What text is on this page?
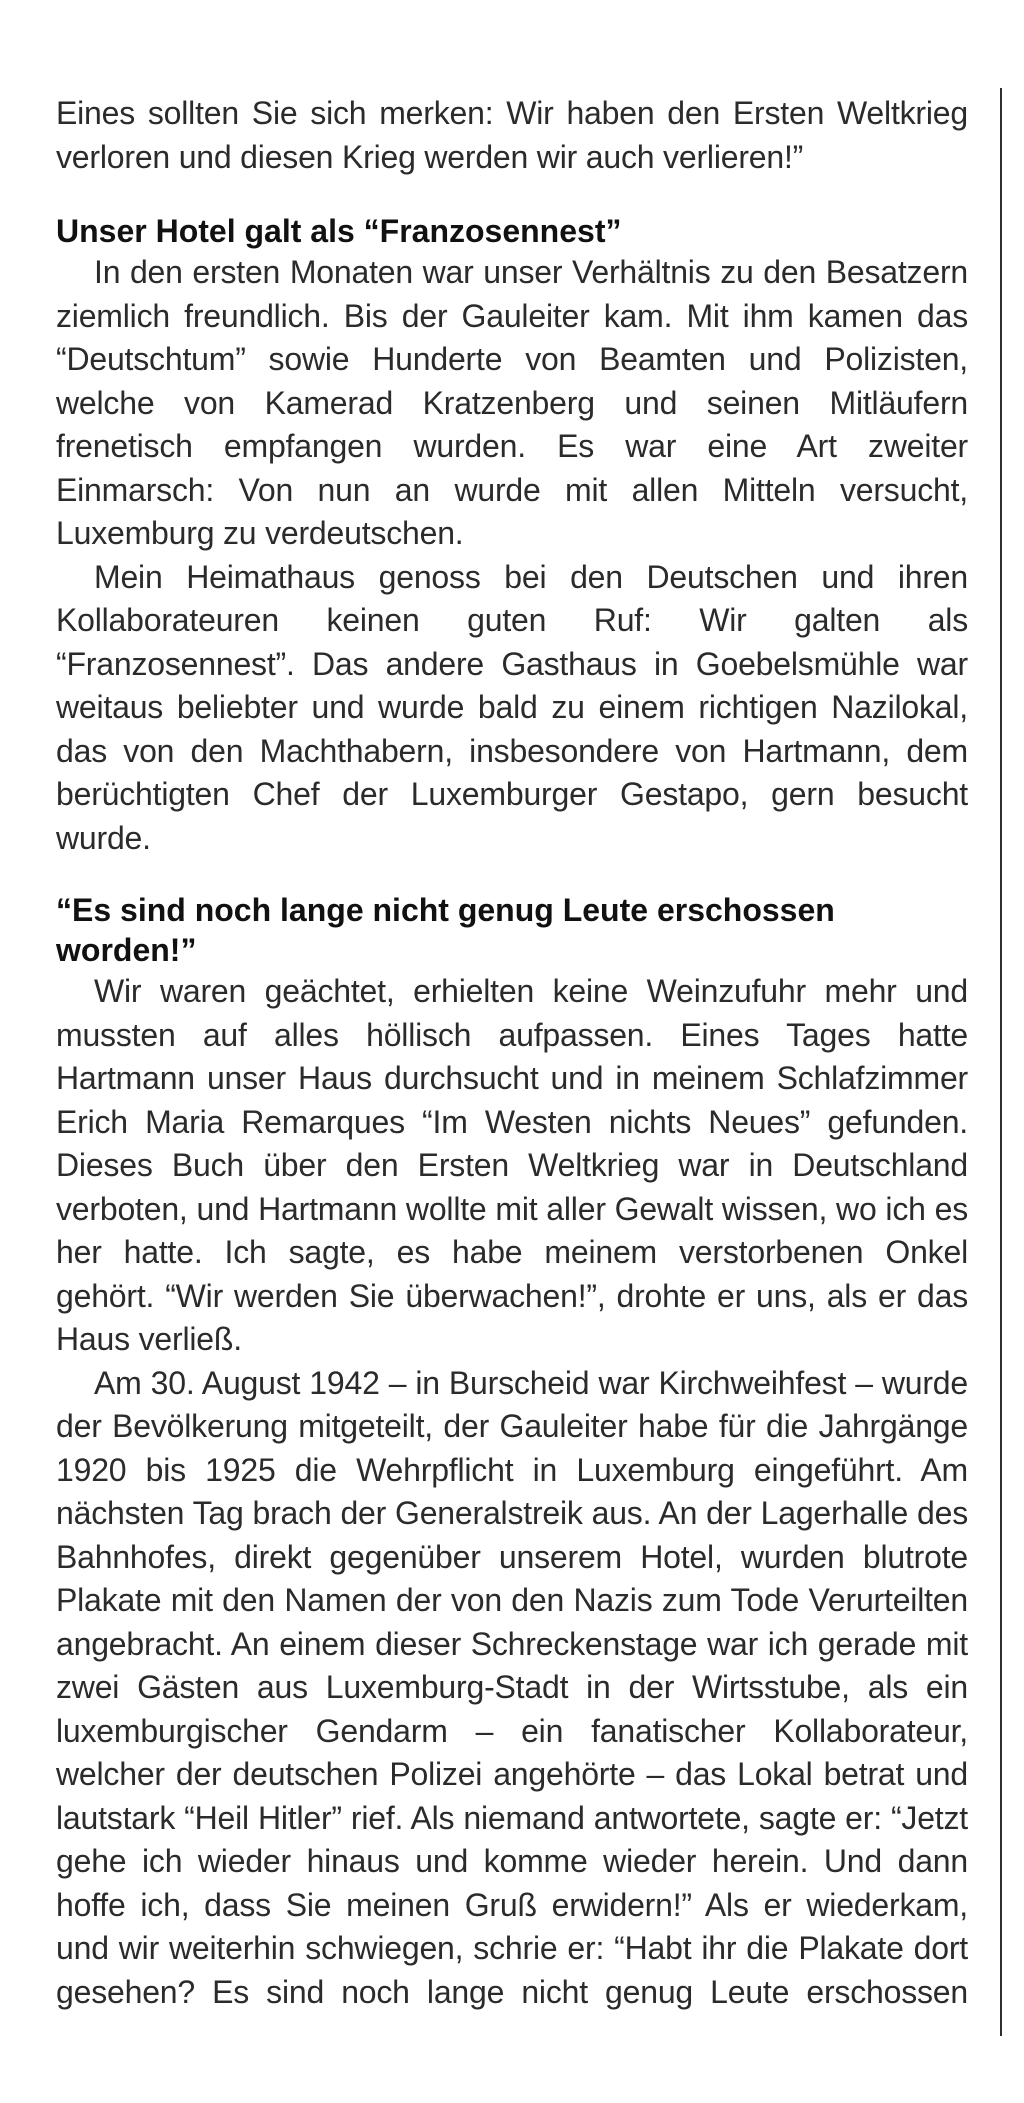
Eines sollten Sie sich merken: Wir haben den Ersten Weltkrieg verloren und diesen Krieg werden wir auch verlieren!”

Unser Hotel galt als “Franzosennest”

In den ersten Monaten war unser Verhältnis zu den Besatzern ziemlich freundlich. Bis der Gauleiter kam. Mit ihm kamen das “Deutschtum” sowie Hunderte von Beamten und Polizisten, welche von Kamerad Kratzenberg und seinen Mitläufern frenetisch empfangen wurden. Es war eine Art zweiter Einmarsch: Von nun an wurde mit allen Mitteln versucht, Luxemburg zu verdeutschen.

Mein Heimathaus genoss bei den Deutschen und ihren Kollaborateuren keinen guten Ruf: Wir galten als “Franzosennest”. Das andere Gasthaus in Goebelsmühle war weitaus beliebter und wurde bald zu einem richtigen Nazilokal, das von den Machthabern, insbesondere von Hartmann, dem berüchtigten Chef der Luxemburger Gestapo, gern besucht wurde.

“Es sind noch lange nicht genug Leute erschossen worden!”

Wir waren geächtet, erhielten keine Weinzufuhr mehr und mussten auf alles höllisch aufpassen. Eines Tages hatte Hartmann unser Haus durchsucht und in meinem Schlafzimmer Erich Maria Remarques “Im Westen nichts Neues” gefunden. Dieses Buch über den Ersten Weltkrieg war in Deutschland verboten, und Hartmann wollte mit aller Gewalt wissen, wo ich es her hatte. Ich sagte, es habe meinem verstorbenen Onkel gehört. “Wir werden Sie überwachen!”, drohte er uns, als er das Haus verließ.

Am 30. August 1942 – in Burscheid war Kirchweihfest – wurde der Bevölkerung mitgeteilt, der Gauleiter habe für die Jahrgänge 1920 bis 1925 die Wehrpflicht in Luxemburg eingeführt. Am nächsten Tag brach der Generalstreik aus. An der Lagerhalle des Bahnhofes, direkt gegenüber unserem Hotel, wurden blutrote Plakate mit den Namen der von den Nazis zum Tode Verurteilten angebracht. An einem dieser Schreckenstage war ich gerade mit zwei Gästen aus Luxemburg-Stadt in der Wirtsstube, als ein luxemburgischer Gendarm – ein fanatischer Kollaborateur, welcher der deutschen Polizei angehörte – das Lokal betrat und lautstark “Heil Hitler” rief. Als niemand antwortete, sagte er: “Jetzt gehe ich wieder hinaus und komme wieder herein. Und dann hoffe ich, dass Sie meinen Gruß erwidern!” Als er wiederkam, und wir weiterhin schwiegen, schrie er: “Habt ihr die Plakate dort gesehen? Es sind noch lange nicht genug Leute erschossen
